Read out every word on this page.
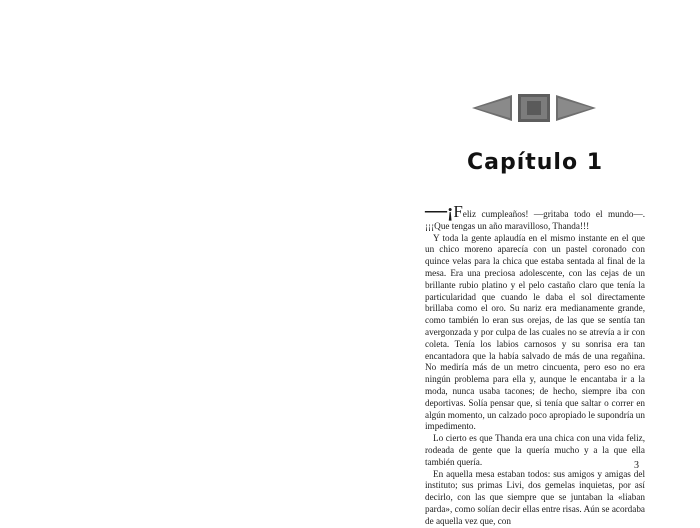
Capítulo 1

—¡Feliz cumpleaños! —gritaba todo el mundo—. ¡¡¡Que tengas un año maravilloso, Thanda!!!

Y toda la gente aplaudía en el mismo instante en el que un chico moreno aparecía con un pastel coronado con quince velas para la chica que estaba sentada al final de la mesa. Era una preciosa adolescente, con las cejas de un brillante rubio platino y el pelo castaño claro que tenía la particularidad que cuando le daba el sol directamente brillaba como el oro. Su nariz era medianamente grande, como también lo eran sus orejas, de las que se sentía tan avergonzada y por culpa de las cuales no se atrevía a ir con coleta. Tenía los labios carnosos y su sonrisa era tan encantadora que la había salvado de más de una regañina. No mediría más de un metro cincuenta, pero eso no era ningún problema para ella y, aunque le encantaba ir a la moda, nunca usaba tacones; de hecho, siempre iba con deportivas. Solía pensar que, si tenía que saltar o correr en algún momento, un calzado poco apropiado le supondría un impedimento.

Lo cierto es que Thanda era una chica con una vida feliz, rodeada de gente que la quería mucho y a la que ella también quería.

En aquella mesa estaban todos: sus amigos y amigas del instituto; sus primas Livi, dos gemelas inquietas, por así decirlo, con las que siempre que se juntaban la «liaban parda», como solían decir ellas entre risas. Aún se acordaba de aquella vez que, con

3
